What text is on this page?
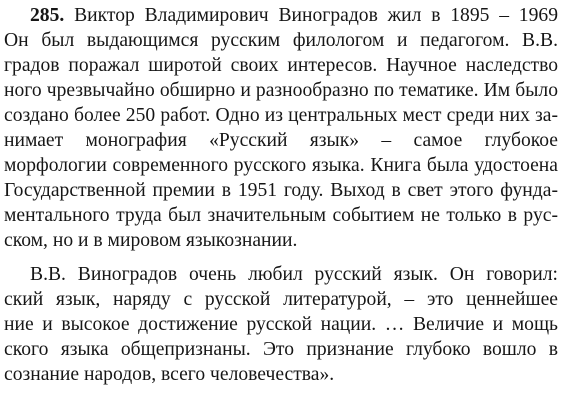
285. Виктор Владимирович Виноградов жил в 1895 – 1969
Он был выдающимся русским филологом и педагогом. В.В.
градов поражал широтой своих интересов. Научное наследство
ного чрезвычайно обширно и разнообразно по тематике. Им было
создано более 250 работ. Одно из центральных мест среди них за-
нимает монография «Русский язык» – самое глубокое
морфологии современного русского языка. Книга была удостоена
Государственной премии в 1951 году. Выход в свет этого фунда-
ментального труда был значительным событием не только в рус-
ском, но и в мировом языкознании.
В.В. Виноградов очень любил русский язык. Он говорил:
ский язык, наряду с русской литературой, – это ценнейшее
ние и высокое достижение русской нации. … Величие и мощь
ского языка общепризнаны. Это признание глубоко вошло в
сознание народов, всего человечества».
